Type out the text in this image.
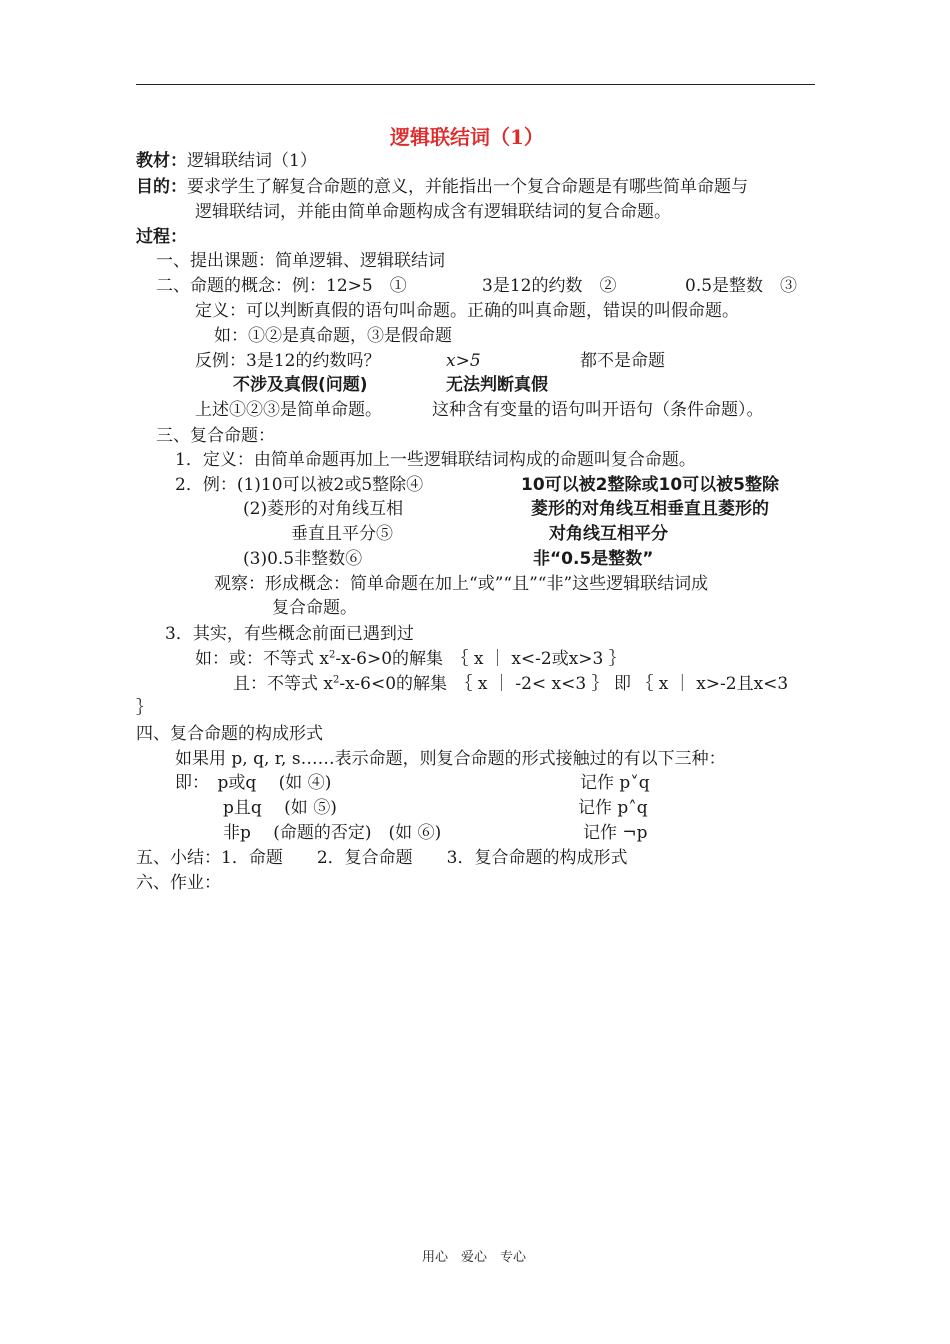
逻辑联结词（1）
教材：逻辑联结词（1）
目的：要求学生了解复合命题的意义，并能指出一个复合命题是有哪些简单命题与
逻辑联结词，并能由简单命题构成含有逻辑联结词的复合命题。
过程：
一、提出课题：简单逻辑、逻辑联结词
二、命题的概念：例：12>5　①	3是12的约数　②	0.5是整数　③
定义：可以判断真假的语句叫命题。正确的叫真命题，错误的叫假命题。
如：①②是真命题，③是假命题
反例：3是12的约数吗？	x>5	都不是命题
不涉及真假(问题)	无法判断真假
上述①②③是简单命题。	这种含有变量的语句叫开语句（条件命题）。
三、复合命题：
1．定义：由简单命题再加上一些逻辑联结词构成的命题叫复合命题。
2．例：(1)10可以被2或5整除④	10可以被2整除或10可以被5整除
(2)菱形的对角线互相	菱形的对角线互相垂直且菱形的
垂直且平分⑤	对角线互相平分
(3)0.5非整数⑥	非“0.5是整数”
观察：形成概念：简单命题在加上“或”“且”“非”这些逻辑联结词成
复合命题。
3．其实，有些概念前面已遇到过
如：或：不等式 $x^2-x-6>0$的解集　｛ x ｜ x<-2或x>3 ｝
且：不等式 $x^2-x-6<0$的解集　｛ x ｜ -2< x<3 ｝ 即 ｛ x ｜ x>-2且x<3
｝
四、复合命题的构成形式
如果用 p, q, r, s……表示命题，则复合命题的形式接触过的有以下三种：
即：　p或q　 (如 ④)	记作 p˅q
p且q　 (如 ⑤)	记作 p˄q
非p　 (命题的否定)　(如 ⑥)	记作 ¬p
五、小结：1．命题　　2．复合命题　　3．复合命题的构成形式
六、作业：
用心　爱心　专心
